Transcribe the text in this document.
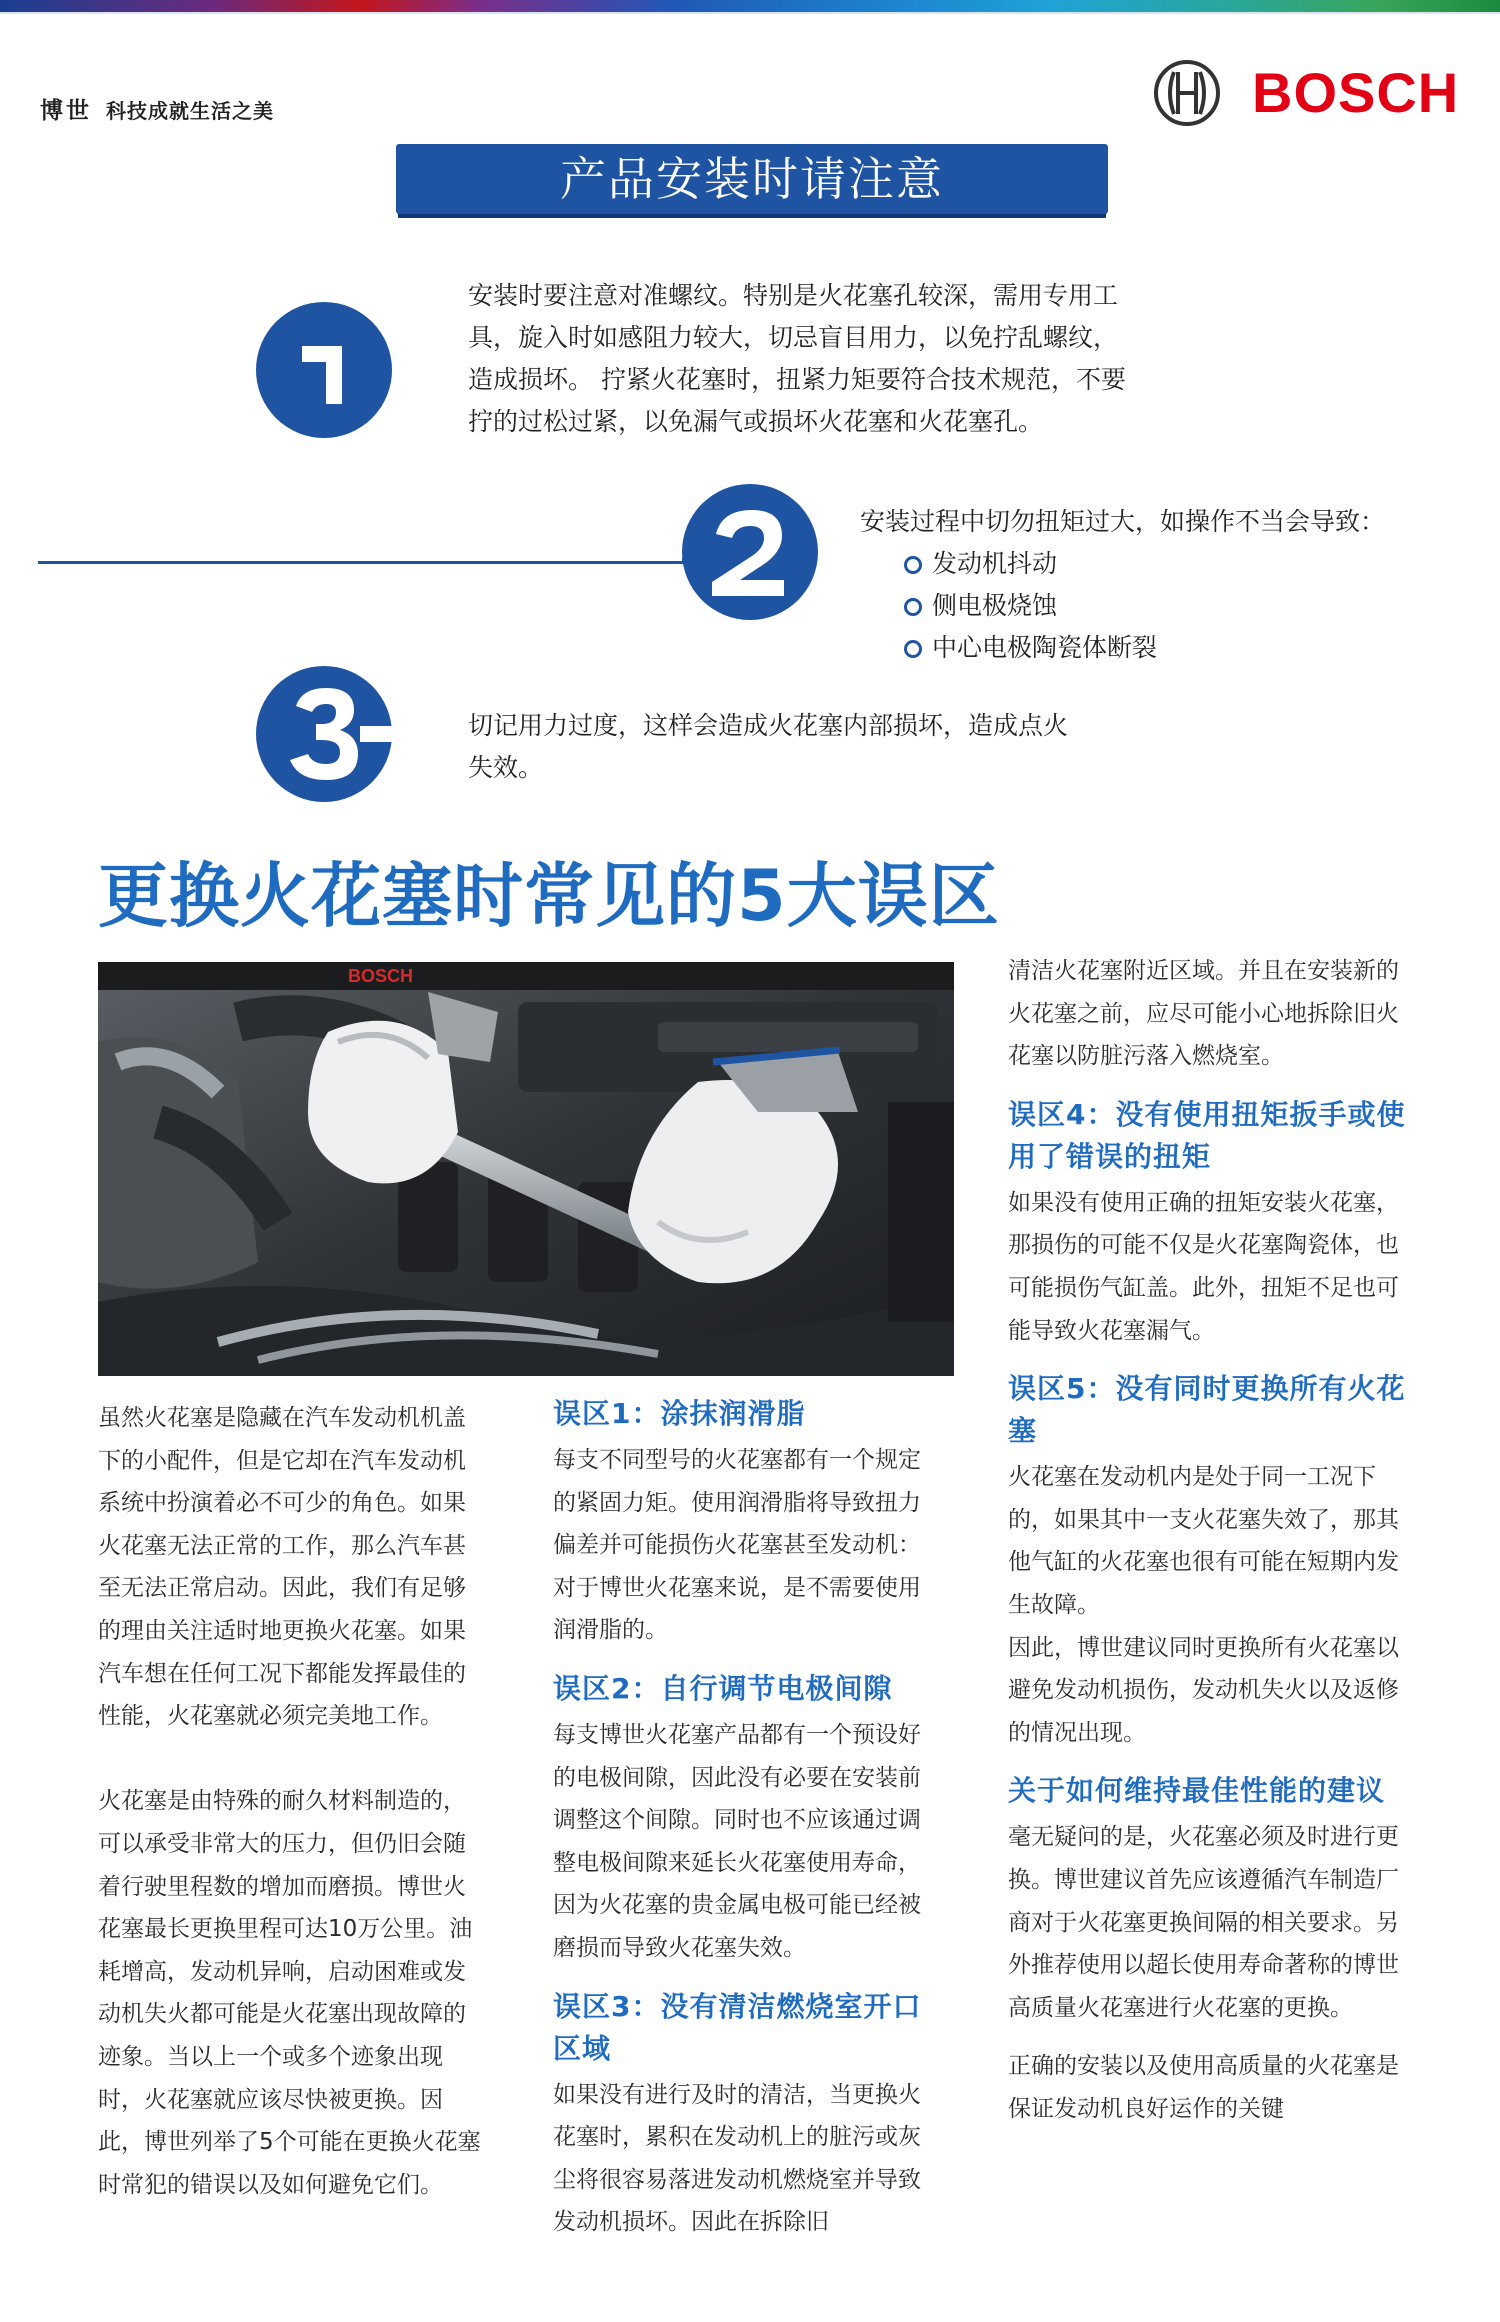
博世 科技成就生活之美	BOSCH
产品安装时请注意
安装时要注意对准螺纹。特别是火花塞孔较深，需用专用工具，旋入时如感阻力较大，切忌盲目用力，以免拧乱螺纹，造成损坏。 拧紧火花塞时，扭紧力矩要符合技术规范，不要拧的过松过紧，以免漏气或损坏火花塞和火花塞孔。
安装过程中切勿扭矩过大，如操作不当会导致：
发动机抖动
侧电极烧蚀
中心电极陶瓷体断裂
切记用力过度，这样会造成火花塞内部损坏，造成点火失效。
更换火花塞时常见的5大误区
BOSCH

虽然火花塞是隐藏在汽车发动机机盖下的小配件，但是它却在汽车发动机系统中扮演着必不可少的角色。如果火花塞无法正常的工作，那么汽车甚至无法正常启动。因此，我们有足够的理由关注适时地更换火花塞。如果汽车想在任何工况下都能发挥最佳的性能，火花塞就必须完美地工作。

火花塞是由特殊的耐久材料制造的，可以承受非常大的压力，但仍旧会随着行驶里程数的增加而磨损。博世火花塞最长更换里程可达10万公里。油耗增高，发动机异响，启动困难或发动机失火都可能是火花塞出现故障的迹象。当以上一个或多个迹象出现时，火花塞就应该尽快被更换。因此，博世列举了5个可能在更换火花塞时常犯的错误以及如何避免它们。

误区1：涂抹润滑脂

每支不同型号的火花塞都有一个规定的紧固力矩。使用润滑脂将导致扭力偏差并可能损伤火花塞甚至发动机：对于博世火花塞来说，是不需要使用润滑脂的。

误区2：自行调节电极间隙

每支博世火花塞产品都有一个预设好的电极间隙，因此没有必要在安装前调整这个间隙。同时也不应该通过调整电极间隙来延长火花塞使用寿命，因为火花塞的贵金属电极可能已经被磨损而导致火花塞失效。

误区3：没有清洁燃烧室开口区域

如果没有进行及时的清洁，当更换火花塞时，累积在发动机上的脏污或灰尘将很容易落进发动机燃烧室并导致发动机损坏。因此在拆除旧

清洁火花塞附近区域。并且在安装新的火花塞之前，应尽可能小心地拆除旧火花塞以防脏污落入燃烧室。

误区4：没有使用扭矩扳手或使用了错误的扭矩

如果没有使用正确的扭矩安装火花塞，那损伤的可能不仅是火花塞陶瓷体，也可能损伤气缸盖。此外，扭矩不足也可能导致火花塞漏气。

误区5：没有同时更换所有火花塞

火花塞在发动机内是处于同一工况下的，如果其中一支火花塞失效了，那其他气缸的火花塞也很有可能在短期内发生故障。

因此，博世建议同时更换所有火花塞以避免发动机损伤，发动机失火以及返修的情况出现。

关于如何维持最佳性能的建议

毫无疑问的是，火花塞必须及时进行更换。博世建议首先应该遵循汽车制造厂商对于火花塞更换间隔的相关要求。另外推荐使用以超长使用寿命著称的博世高质量火花塞进行火花塞的更换。

正确的安装以及使用高质量的火花塞是保证发动机良好运作的关键
